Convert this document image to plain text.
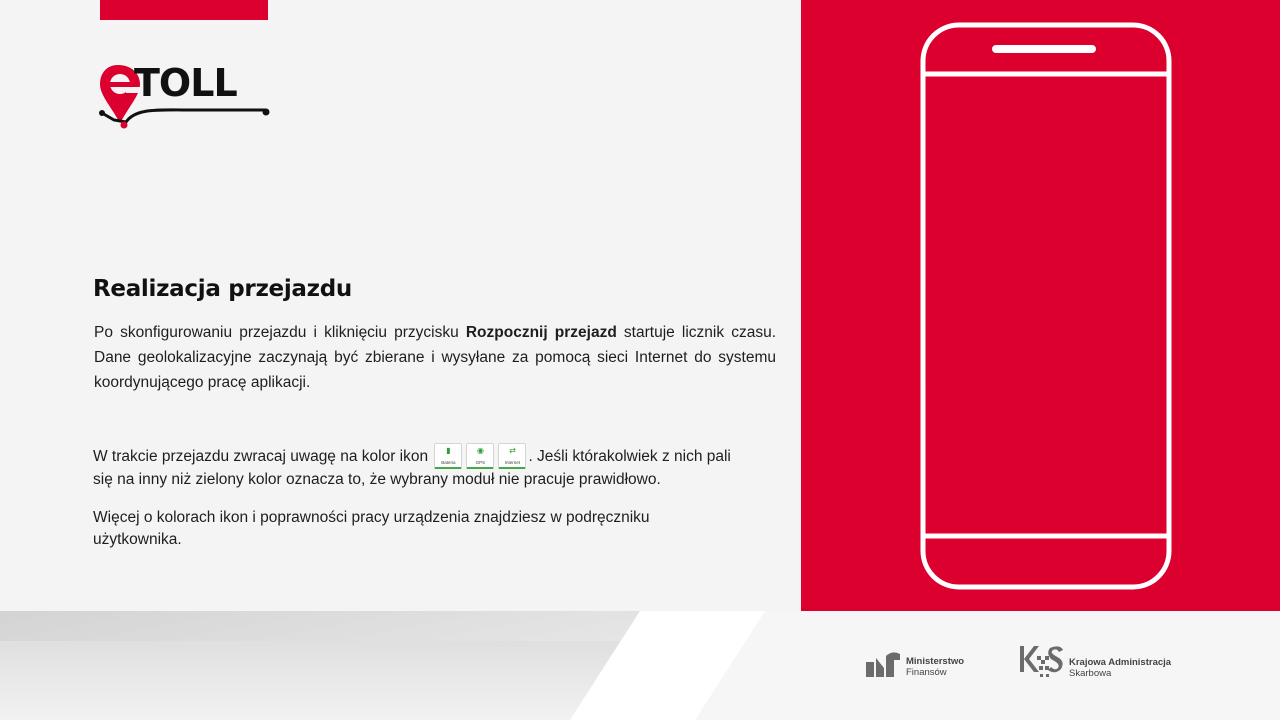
TOLL
Realizacja przejazdu
Po skonfigurowaniu przejazdu i kliknięciu przycisku Rozpocznij przejazd startuje licznik czasu. Dane geolokalizacyjne zaczynają być zbierane i wysyłane za pomocą sieci Internet do systemu koordynującego pracę aplikacji.
W trakcie przejazdu zwracaj uwagę na kolor ikon	▮
Bateria
◉
GPS
⇄
Internet . Jeśli którakolwiek z nich pali się na inny niż zielony kolor oznacza to, że wybrany moduł nie pracuje prawidłowo.
Więcej o kolorach ikon i poprawności pracy urządzenia znajdziesz w podręczniku użytkownika.
Ministerstwo
Finansów
Krajowa Administracja
Skarbowa
